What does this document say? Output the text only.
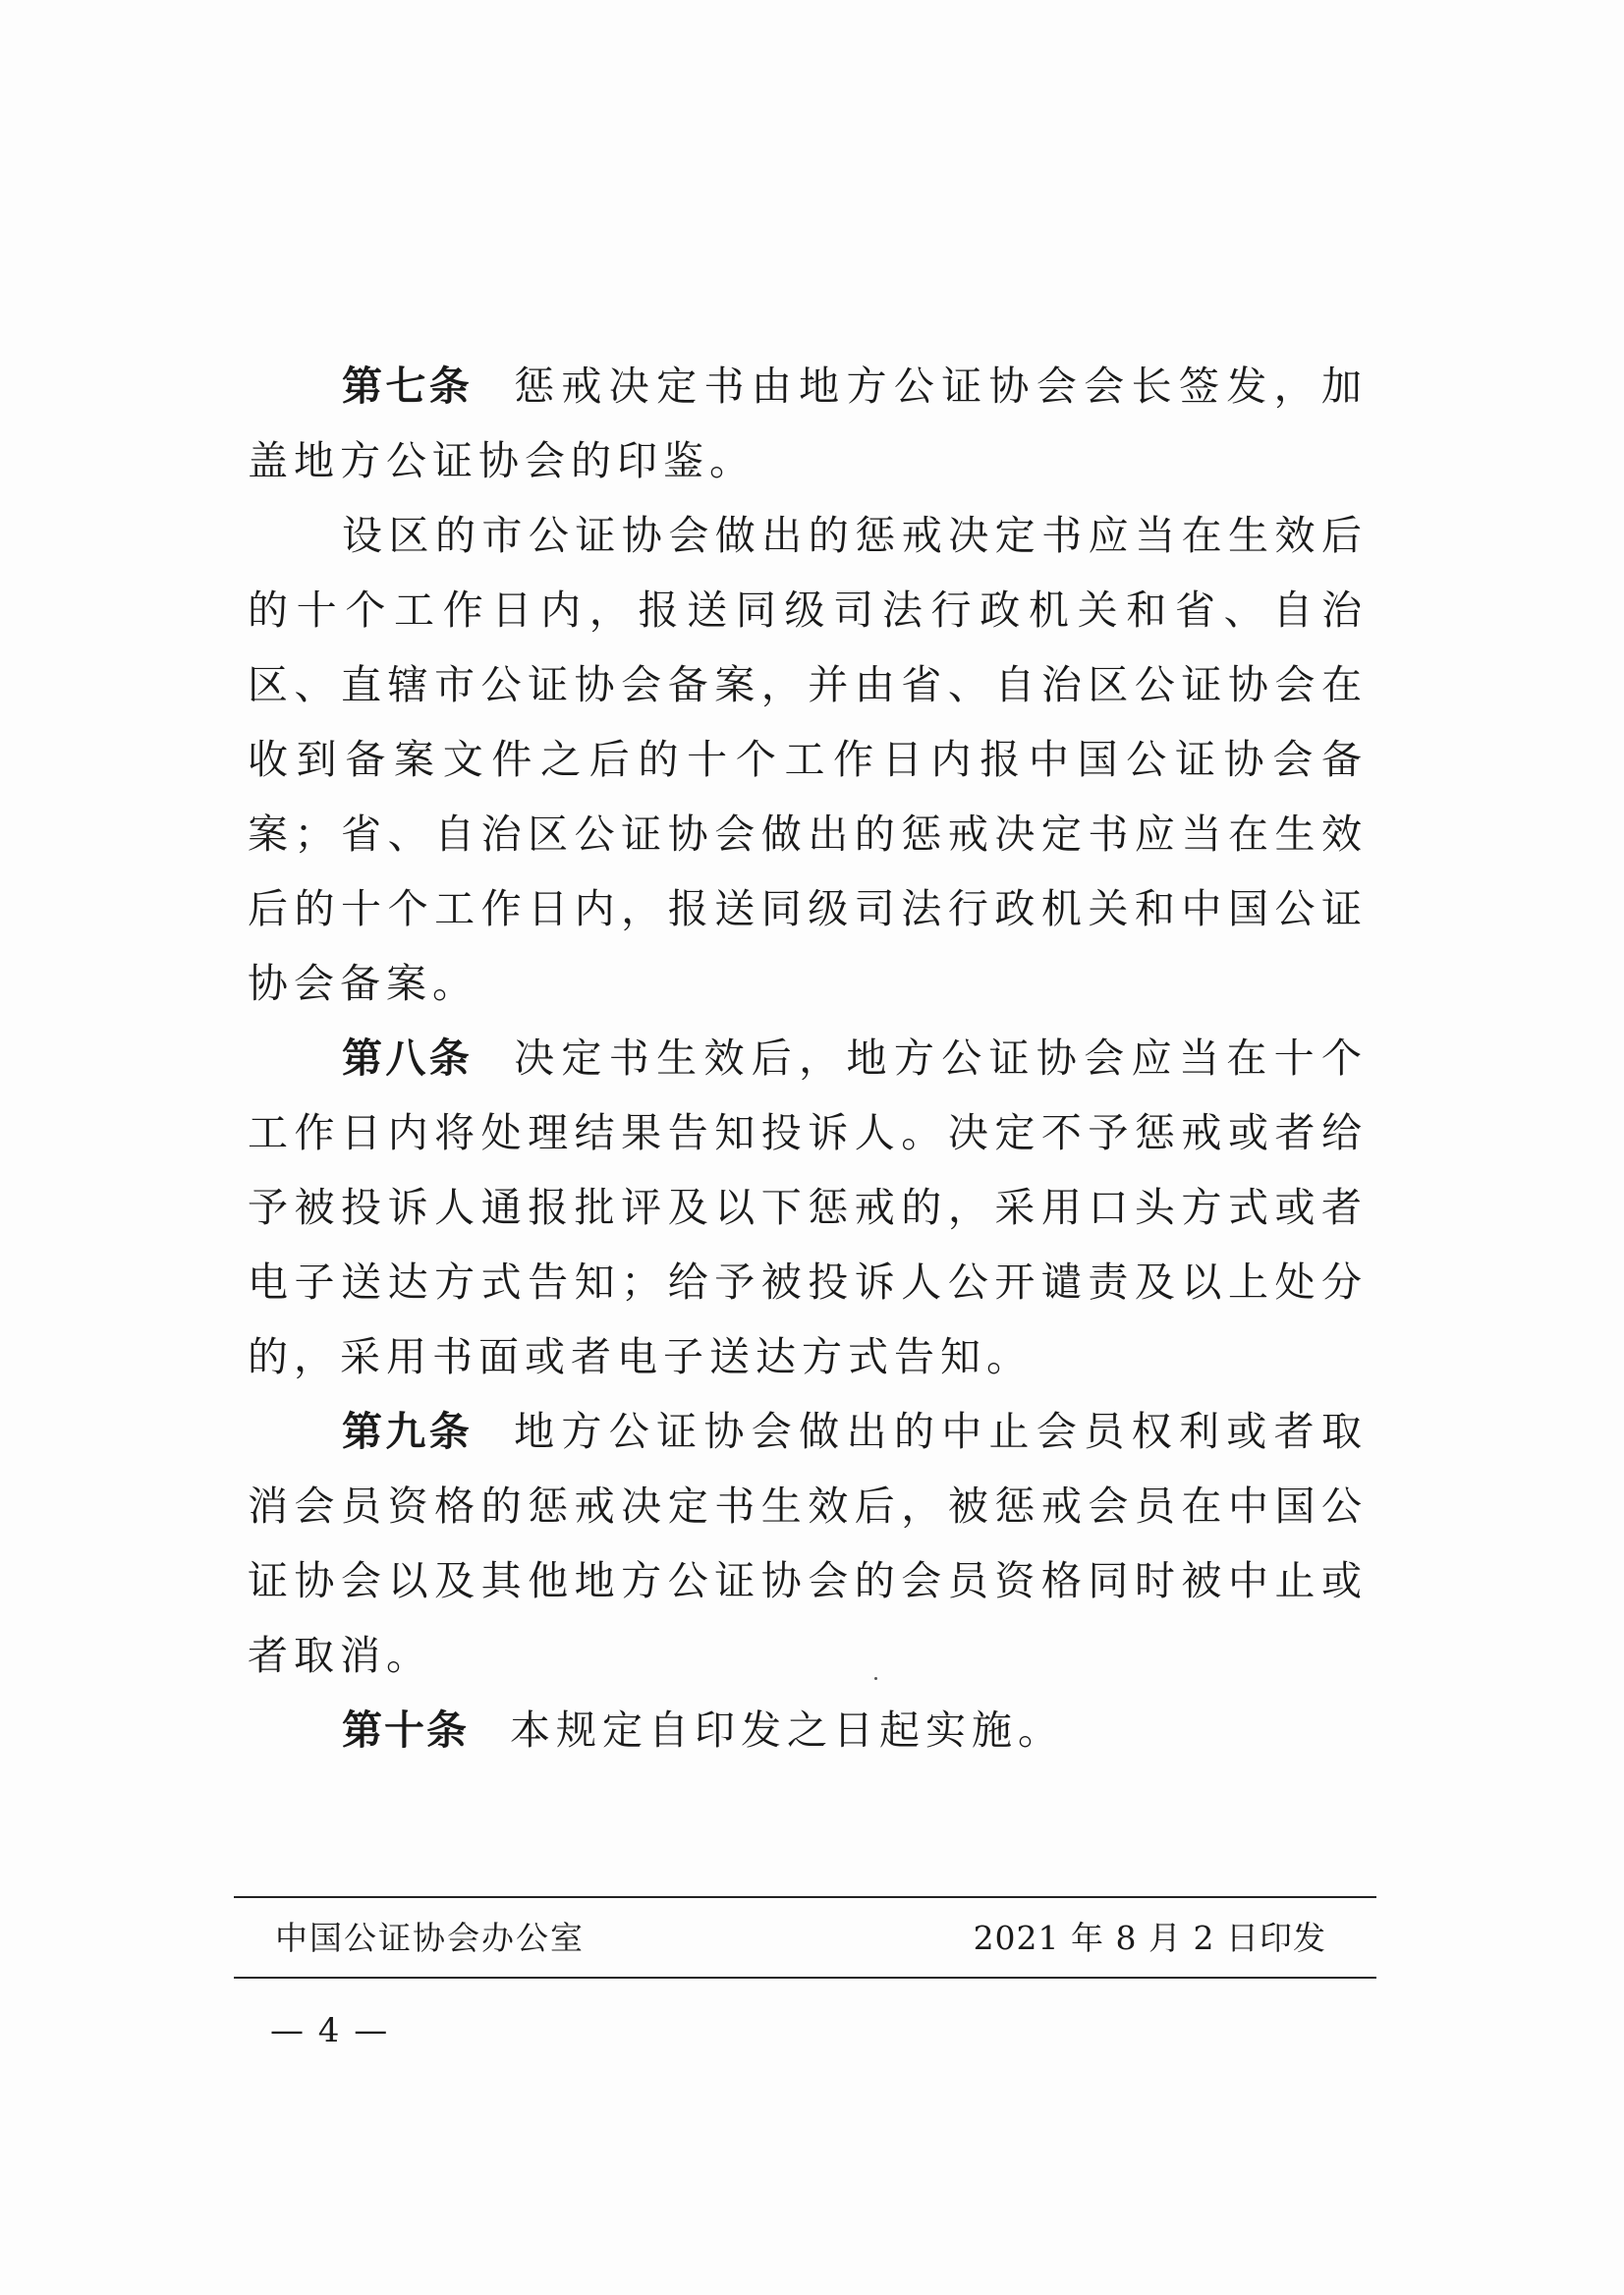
第七条 惩戒决定书由地方公证协会会长签发，加盖地方公证协会的印鉴。

设区的市公证协会做出的惩戒决定书应当在生效后的十个工作日内，报送同级司法行政机关和省、自治区、直辖市公证协会备案，并由省、自治区公证协会在收到备案文件之后的十个工作日内报中国公证协会备案；省、自治区公证协会做出的惩戒决定书应当在生效后的十个工作日内，报送同级司法行政机关和中国公证协会备案。

第八条 决定书生效后，地方公证协会应当在十个工作日内将处理结果告知投诉人。决定不予惩戒或者给予被投诉人通报批评及以下惩戒的，采用口头方式或者电子送达方式告知；给予被投诉人公开谴责及以上处分的，采用书面或者电子送达方式告知。

第九条 地方公证协会做出的中止会员权利或者取消会员资格的惩戒决定书生效后，被惩戒会员在中国公证协会以及其他地方公证协会的会员资格同时被中止或者取消。

第十条 本规定自印发之日起实施。

中国公证协会办公室	2021 年 8 月 2 日印发
— 4 —
